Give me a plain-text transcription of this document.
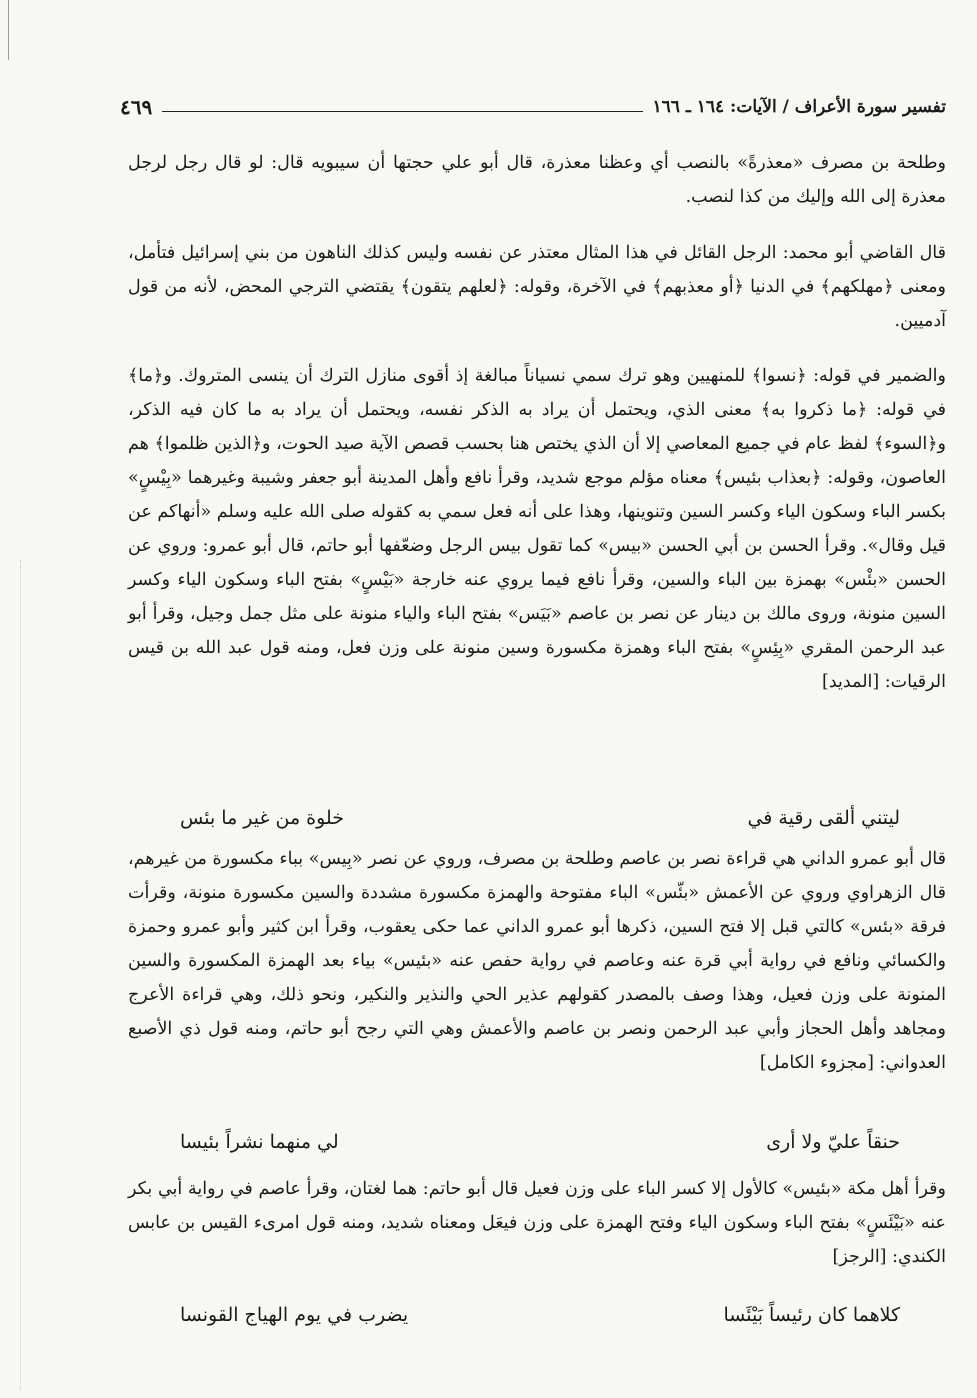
تفسير سورة الأعراف / الآيات: ١٦٤ ـ ١٦٦
٤٦٩

وطلحة بن مصرف «معذرةً» بالنصب أي وعظنا معذرة، قال أبو علي حجتها أن سيبويه قال: لو قال رجل لرجل معذرة إلى الله وإليك من كذا لنصب.

قال القاضي أبو محمد: الرجل القائل في هذا المثال معتذر عن نفسه وليس كذلك الناهون من بني إسرائيل فتأمل، ومعنى ﴿مهلكهم﴾ في الدنيا ﴿أو معذبهم﴾ في الآخرة، وقوله: ﴿لعلهم يتقون﴾ يقتضي الترجي المحض، لأنه من قول آدميين.

والضمير في قوله: ﴿نسوا﴾ للمنهيين وهو ترك سمي نسياناً مبالغة إذ أقوى منازل الترك أن ينسى المتروك. و﴿ما﴾ في قوله: ﴿ما ذكروا به﴾ معنى الذي، ويحتمل أن يراد به الذكر نفسه، ويحتمل أن يراد به ما كان فيه الذكر، و﴿السوء﴾ لفظ عام في جميع المعاصي إلا أن الذي يختص هنا بحسب قصص الآية صيد الحوت، و﴿الذين ظلموا﴾ هم العاصون، وقوله: ﴿بعذاب بئيس﴾ معناه مؤلم موجع شديد، وقرأ نافع وأهل المدينة أبو جعفر وشيبة وغيرهما «بِيْسٍ» بكسر الباء وسكون الياء وكسر السين وتنوينها، وهذا على أنه فعل سمي به كقوله صلى الله عليه وسلم «أنهاكم عن قيل وقال». وقرأ الحسن بن أبي الحسن «بيس» كما تقول بيس الرجل وضعّفها أبو حاتم، قال أبو عمرو: وروي عن الحسن «بئْس» بهمزة بين الباء والسين، وقرأ نافع فيما يروي عنه خارجة «بَيْسٍ» بفتح الباء وسكون الياء وكسر السين منونة، وروى مالك بن دينار عن نصر بن عاصم «بَيَس» بفتح الباء والياء منونة على مثل جمل وجيل، وقرأ أبو عبد الرحمن المقري «بِئِسٍ» بفتح الباء وهمزة مكسورة وسين منونة على وزن فعل، ومنه قول عبد الله بن قيس الرقيات: [المديد]

ليتني ألقى رقية في
خلوة من غير ما بئس

قال أبو عمرو الداني هي قراءة نصر بن عاصم وطلحة بن مصرف، وروي عن نصر «بِيس» بباء مكسورة من غيرهم، قال الزهراوي وروي عن الأعمش «بئّس» الباء مفتوحة والهمزة مكسورة مشددة والسين مكسورة منونة، وقرأت فرقة «بئس» كالتي قبل إلا فتح السين، ذكرها أبو عمرو الداني عما حكى يعقوب، وقرأ ابن كثير وأبو عمرو وحمزة والكسائي ونافع في رواية أبي قرة عنه وعاصم في رواية حفص عنه «بئيس» بياء بعد الهمزة المكسورة والسين المنونة على وزن فعيل، وهذا وصف بالمصدر كقولهم عذير الحي والنذير والنكير، ونحو ذلك، وهي قراءة الأعرج ومجاهد وأهل الحجاز وأبي عبد الرحمن ونصر بن عاصم والأعمش وهي التي رجح أبو حاتم، ومنه قول ذي الأصبع العدواني: [مجزوء الكامل]

حنقاً عليّ ولا أرى
لي منهما نشراً بئيسا

وقرأ أهل مكة «بئيس» كالأول إلا كسر الباء على وزن فعيل قال أبو حاتم: هما لغتان، وقرأ عاصم في رواية أبي بكر عنه «بَيْئَسٍ» بفتح الباء وسكون الياء وفتح الهمزة على وزن فيعَل ومعناه شديد، ومنه قول امرىء القيس بن عابس الكندي: [الرجز]

كلاهما كان رئيساً بَيْئَسا
يضرب في يوم الهياج القونسا
